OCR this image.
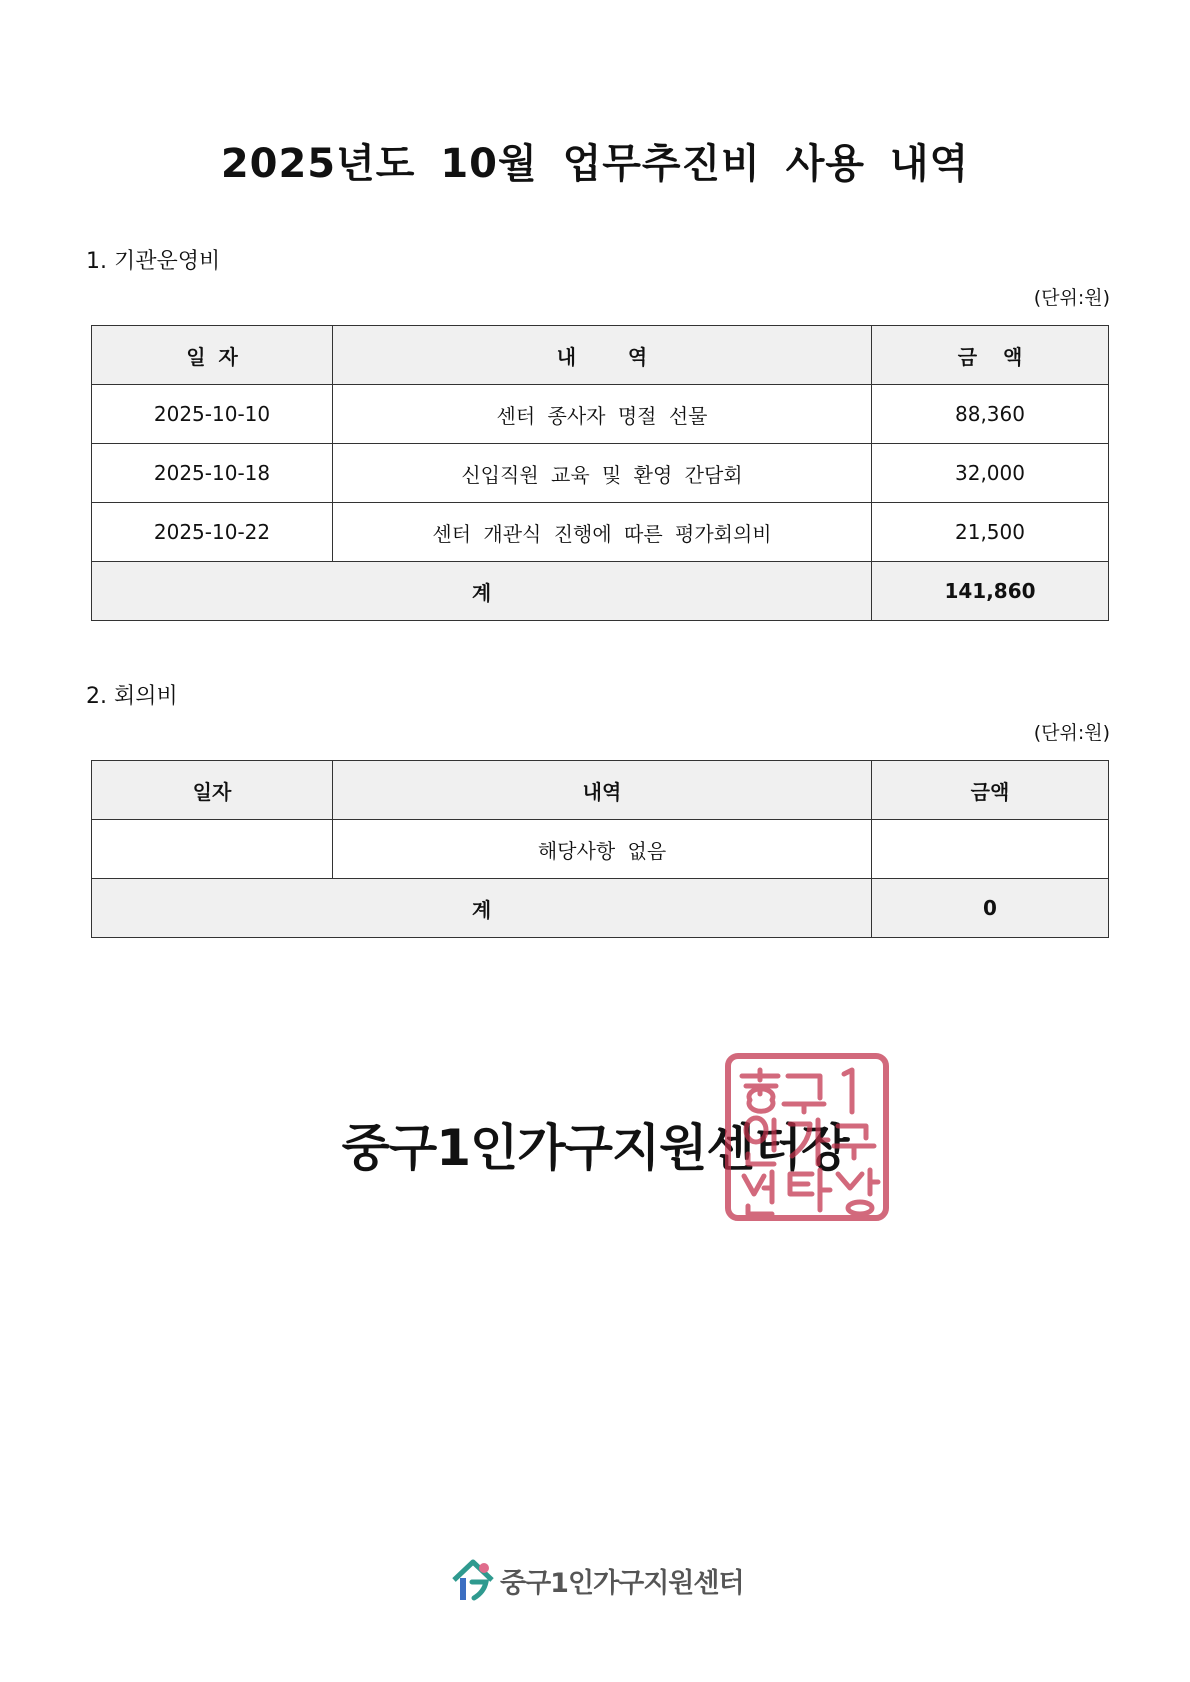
2025년도 10월 업무추진비 사용 내역
1. 기관운영비
(단위:원)
일 자	내    역	금  액
2025-10-10	센터 종사자 명절 선물	88,360
2025-10-18	신입직원 교육 및 환영 간담회	32,000
2025-10-22	센터 개관식 진행에 따른 평가회의비	21,500
계		141,860
2. 회의비
(단위:원)
일자	내역	금액
	해당사항 없음	
계		0
중구1인가구지원센터장
중구1인가구지원센터
